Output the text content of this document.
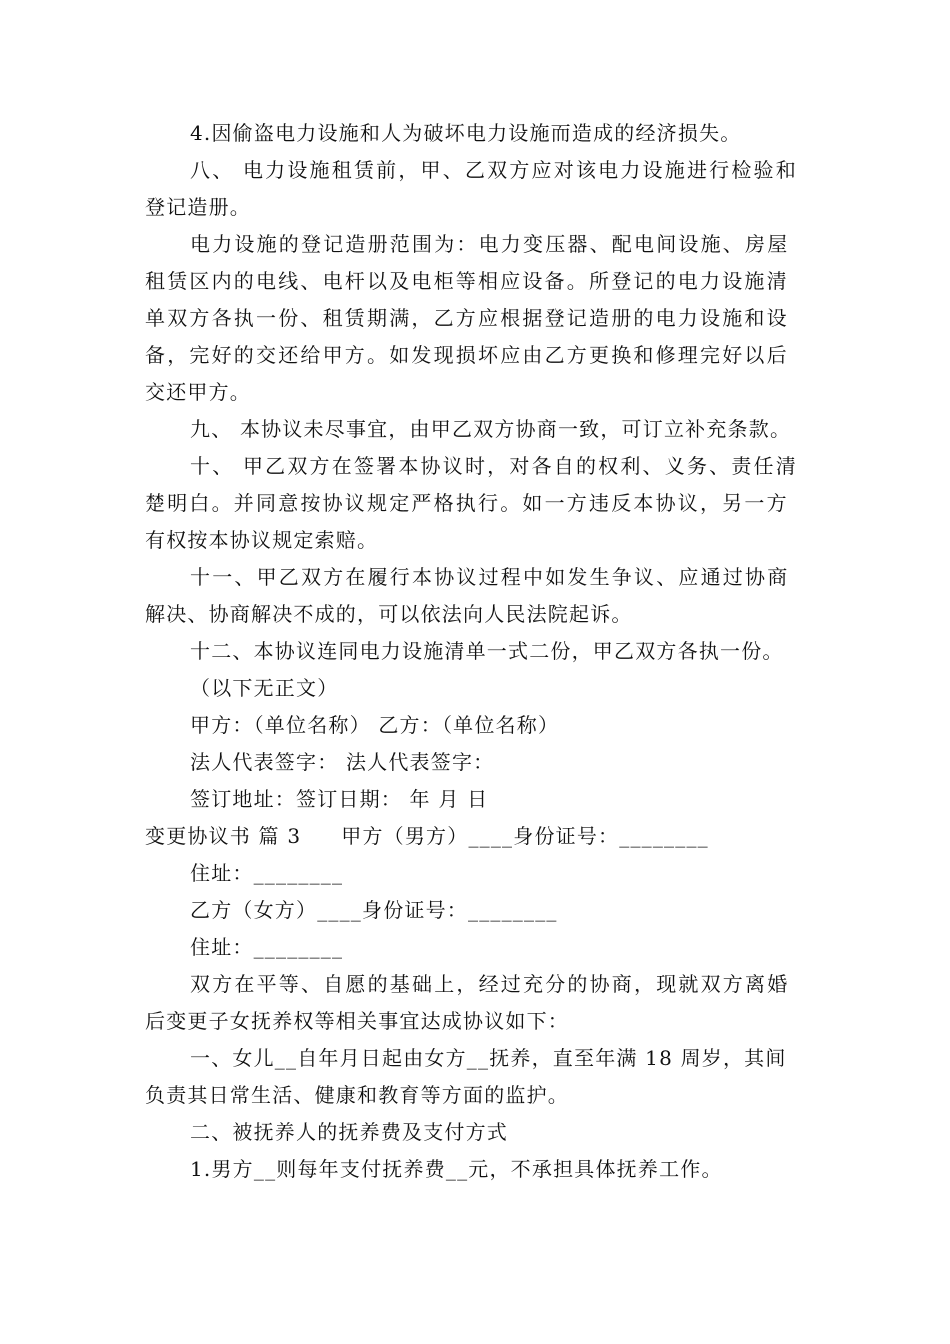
4.因偷盗电力设施和人为破坏电力设施而造成的经济损失。
八、 电力设施租赁前，甲、乙双方应对该电力设施进行检验和
登记造册。
电力设施的登记造册范围为：电力变压器、配电间设施、房屋
租赁区内的电线、电杆以及电柜等相应设备。所登记的电力设施清
单双方各执一份、租赁期满，乙方应根据登记造册的电力设施和设
备，完好的交还给甲方。如发现损坏应由乙方更换和修理完好以后
交还甲方。
九、 本协议未尽事宜，由甲乙双方协商一致，可订立补充条款。
十、 甲乙双方在签署本协议时，对各自的权利、义务、责任清
楚明白。并同意按协议规定严格执行。如一方违反本协议，另一方
有权按本协议规定索赔。
十一、甲乙双方在履行本协议过程中如发生争议、应通过协商
解决、协商解决不成的，可以依法向人民法院起诉。
十二、本协议连同电力设施清单一式二份，甲乙双方各执一份。
（以下无正文）
甲方：（单位名称） 乙方：（单位名称）
法人代表签字： 法人代表签字：
签订地址：签订日期： 年 月 日
变更协议书 篇 3 甲方（男方）____身份证号：________
住址：________
乙方（女方）____身份证号：________
住址：________
双方在平等、自愿的基础上，经过充分的协商，现就双方离婚
后变更子女抚养权等相关事宜达成协议如下：
一、女儿__自年月日起由女方__抚养，直至年满 18 周岁，其间
负责其日常生活、健康和教育等方面的监护。
二、被抚养人的抚养费及支付方式
1.男方__则每年支付抚养费__元，不承担具体抚养工作。
